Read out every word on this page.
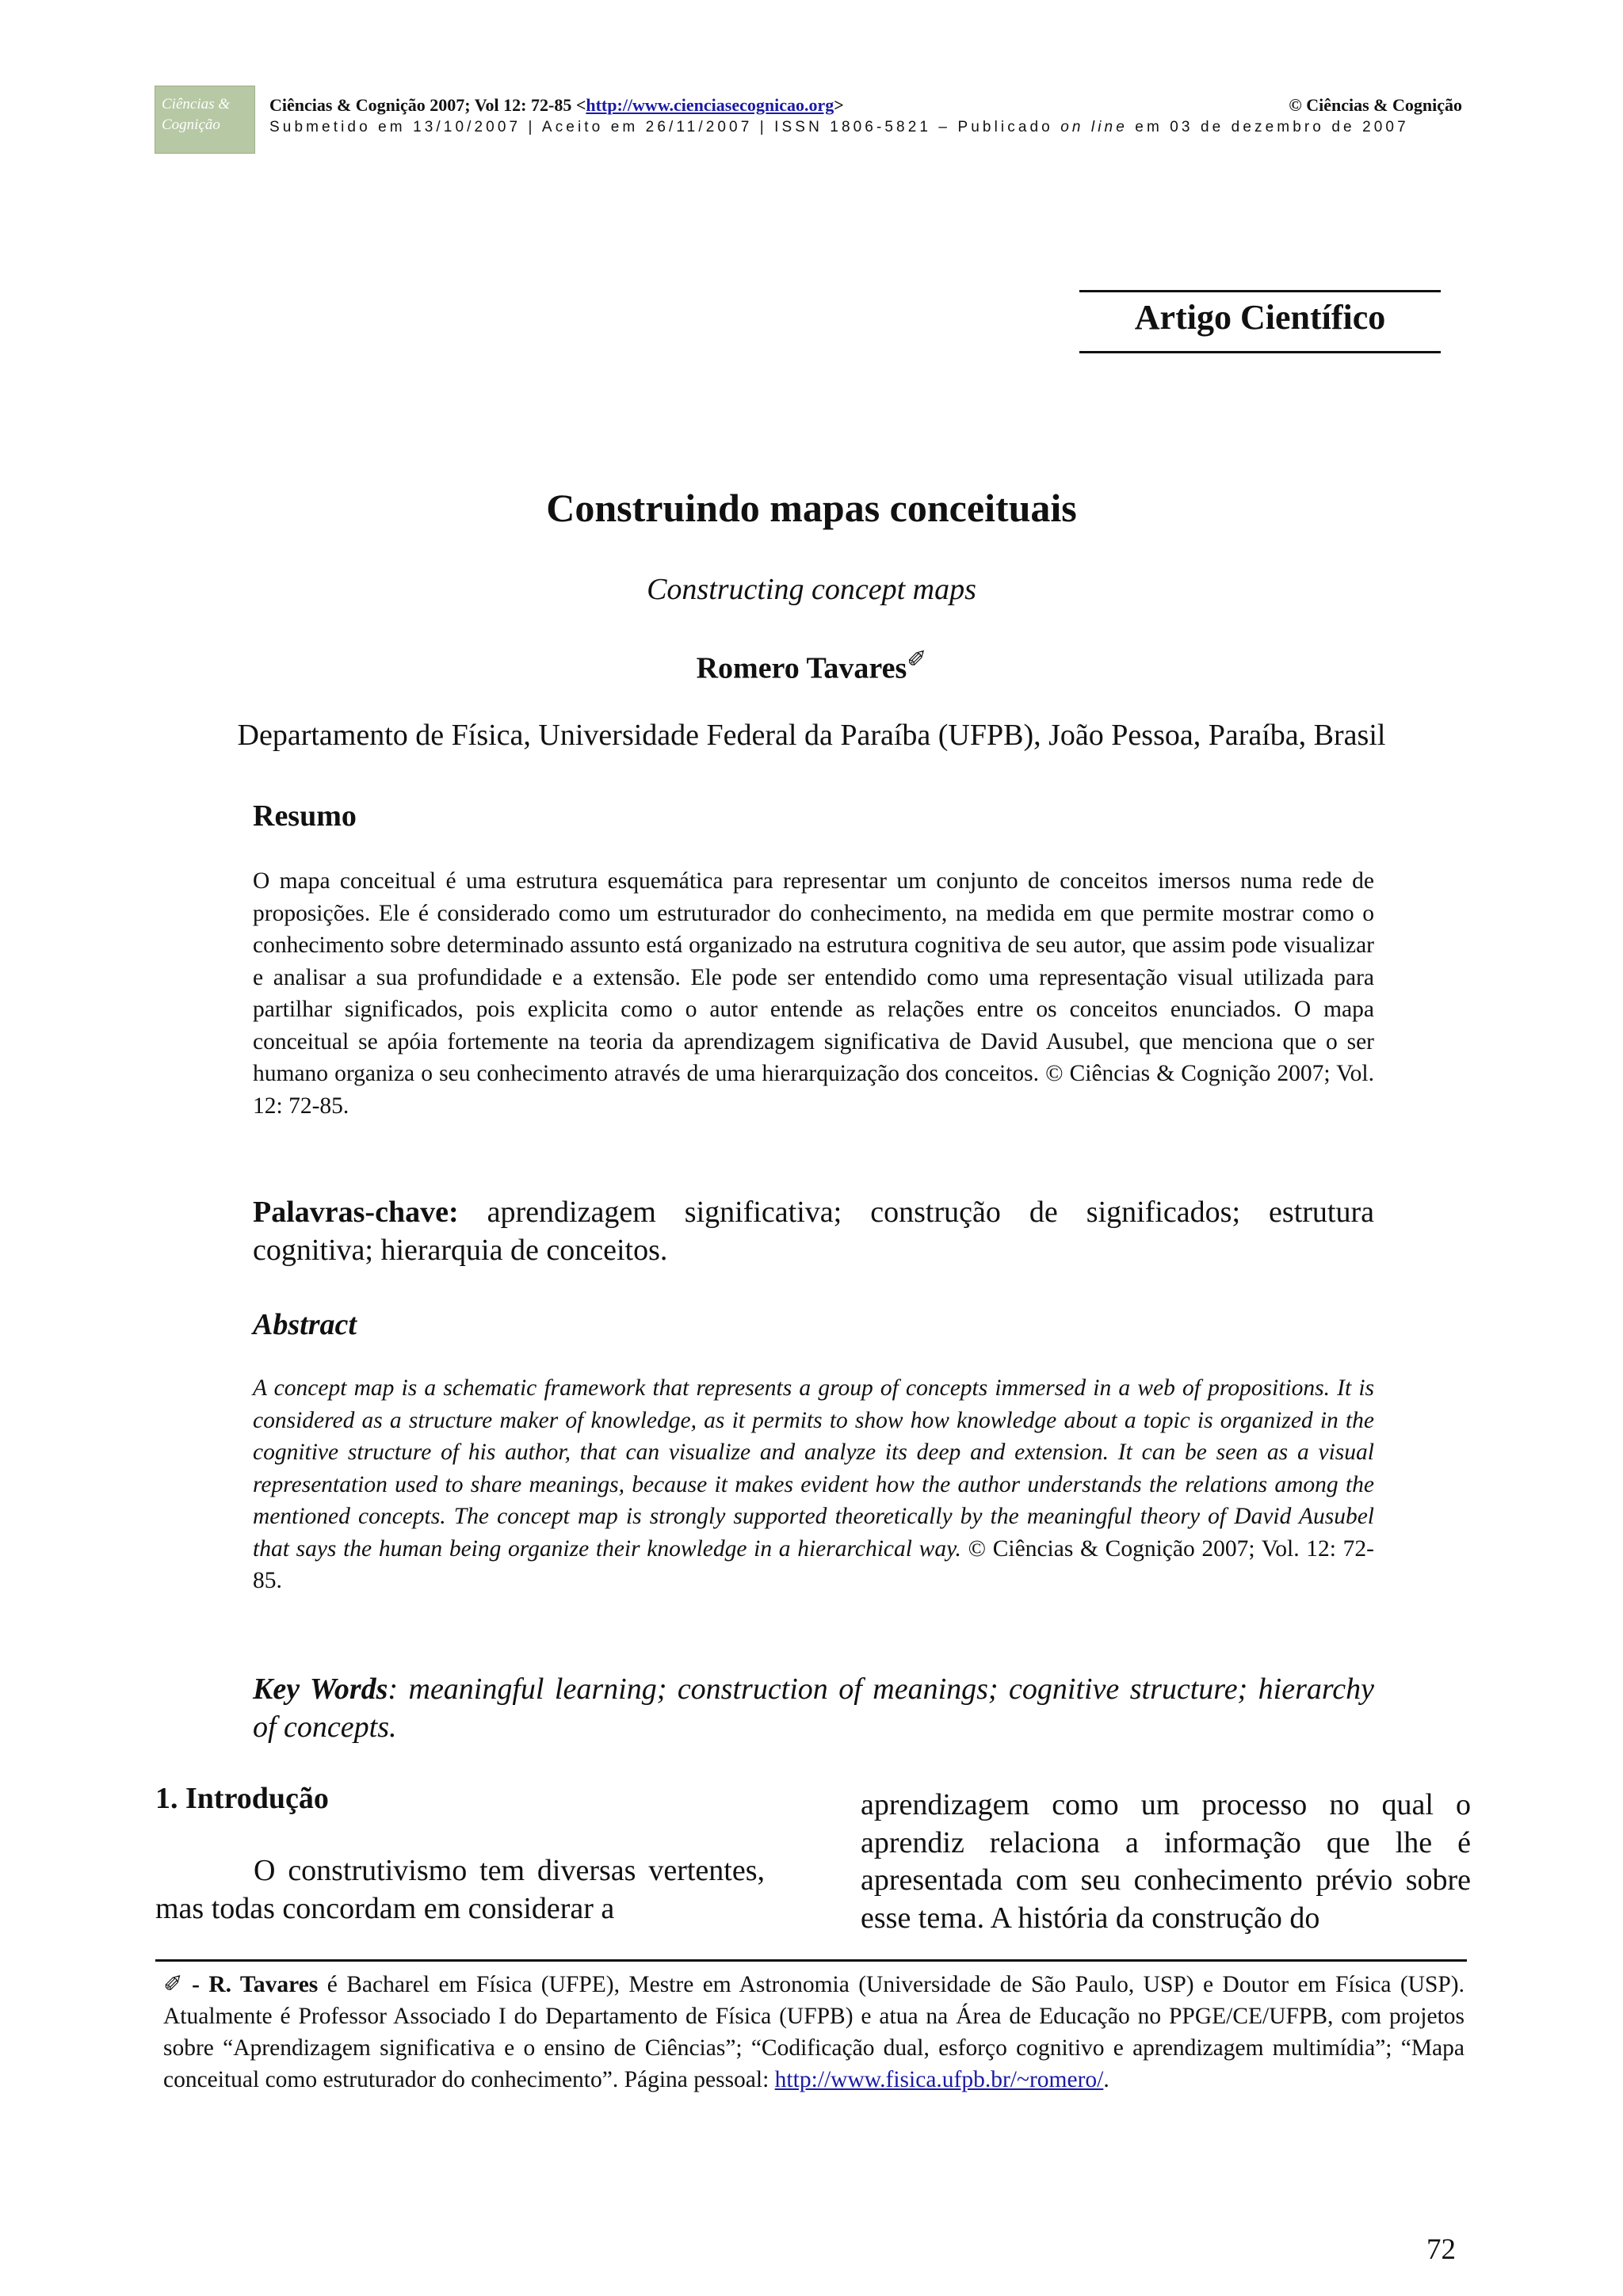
Ciências & Cognição
Ciências & Cognição 2007; Vol 12: 72-85 <http://www.cienciasecognicao.org>	© Ciências & Cognição
Submetido em 13/10/2007 | Aceito em 26/11/2007 | ISSN 1806-5821 – Publicado on line em 03 de dezembro de 2007
Artigo Científico
Construindo mapas conceituais
Constructing concept maps
Romero Tavares✐
Departamento de Física, Universidade Federal da Paraíba (UFPB), João Pessoa, Paraíba, Brasil
Resumo
O mapa conceitual é uma estrutura esquemática para representar um conjunto de conceitos imersos numa rede de proposições. Ele é considerado como um estruturador do conhecimento, na medida em que permite mostrar como o conhecimento sobre determinado assunto está organizado na estrutura cognitiva de seu autor, que assim pode visualizar e analisar a sua profundidade e a extensão. Ele pode ser entendido como uma representação visual utilizada para partilhar significados, pois explicita como o autor entende as relações entre os conceitos enunciados. O mapa conceitual se apóia fortemente na teoria da aprendizagem significativa de David Ausubel, que menciona que o ser humano organiza o seu conhecimento através de uma hierarquização dos conceitos. © Ciências & Cognição 2007; Vol. 12: 72-85.
Palavras-chave: aprendizagem significativa; construção de significados; estrutura cognitiva; hierarquia de conceitos.
Abstract
A concept map is a schematic framework that represents a group of concepts immersed in a web of propositions. It is considered as a structure maker of knowledge, as it permits to show how knowledge about a topic is organized in the cognitive structure of his author, that can visualize and analyze its deep and extension. It can be seen as a visual representation used to share meanings, because it makes evident how the author understands the relations among the mentioned concepts. The concept map is strongly supported theoretically by the meaningful theory of David Ausubel that says the human being organize their knowledge in a hierarchical way. © Ciências & Cognição 2007; Vol. 12: 72-85.
Key Words: meaningful learning; construction of meanings; cognitive structure; hierarchy of concepts.
1. Introdução
O construtivismo tem diversas vertentes, mas todas concordam em considerar a
aprendizagem como um processo no qual o aprendiz relaciona a informação que lhe é apresentada com seu conhecimento prévio sobre esse tema. A história da construção do
✐ - R. Tavares é Bacharel em Física (UFPE), Mestre em Astronomia (Universidade de São Paulo, USP) e Doutor em Física (USP). Atualmente é Professor Associado I do Departamento de Física (UFPB) e atua na Área de Educação no PPGE/CE/UFPB, com projetos sobre “Aprendizagem significativa e o ensino de Ciências”; “Codificação dual, esforço cognitivo e aprendizagem multimídia”; “Mapa conceitual como estruturador do conhecimento”. Página pessoal: http://www.fisica.ufpb.br/~romero/.
72
